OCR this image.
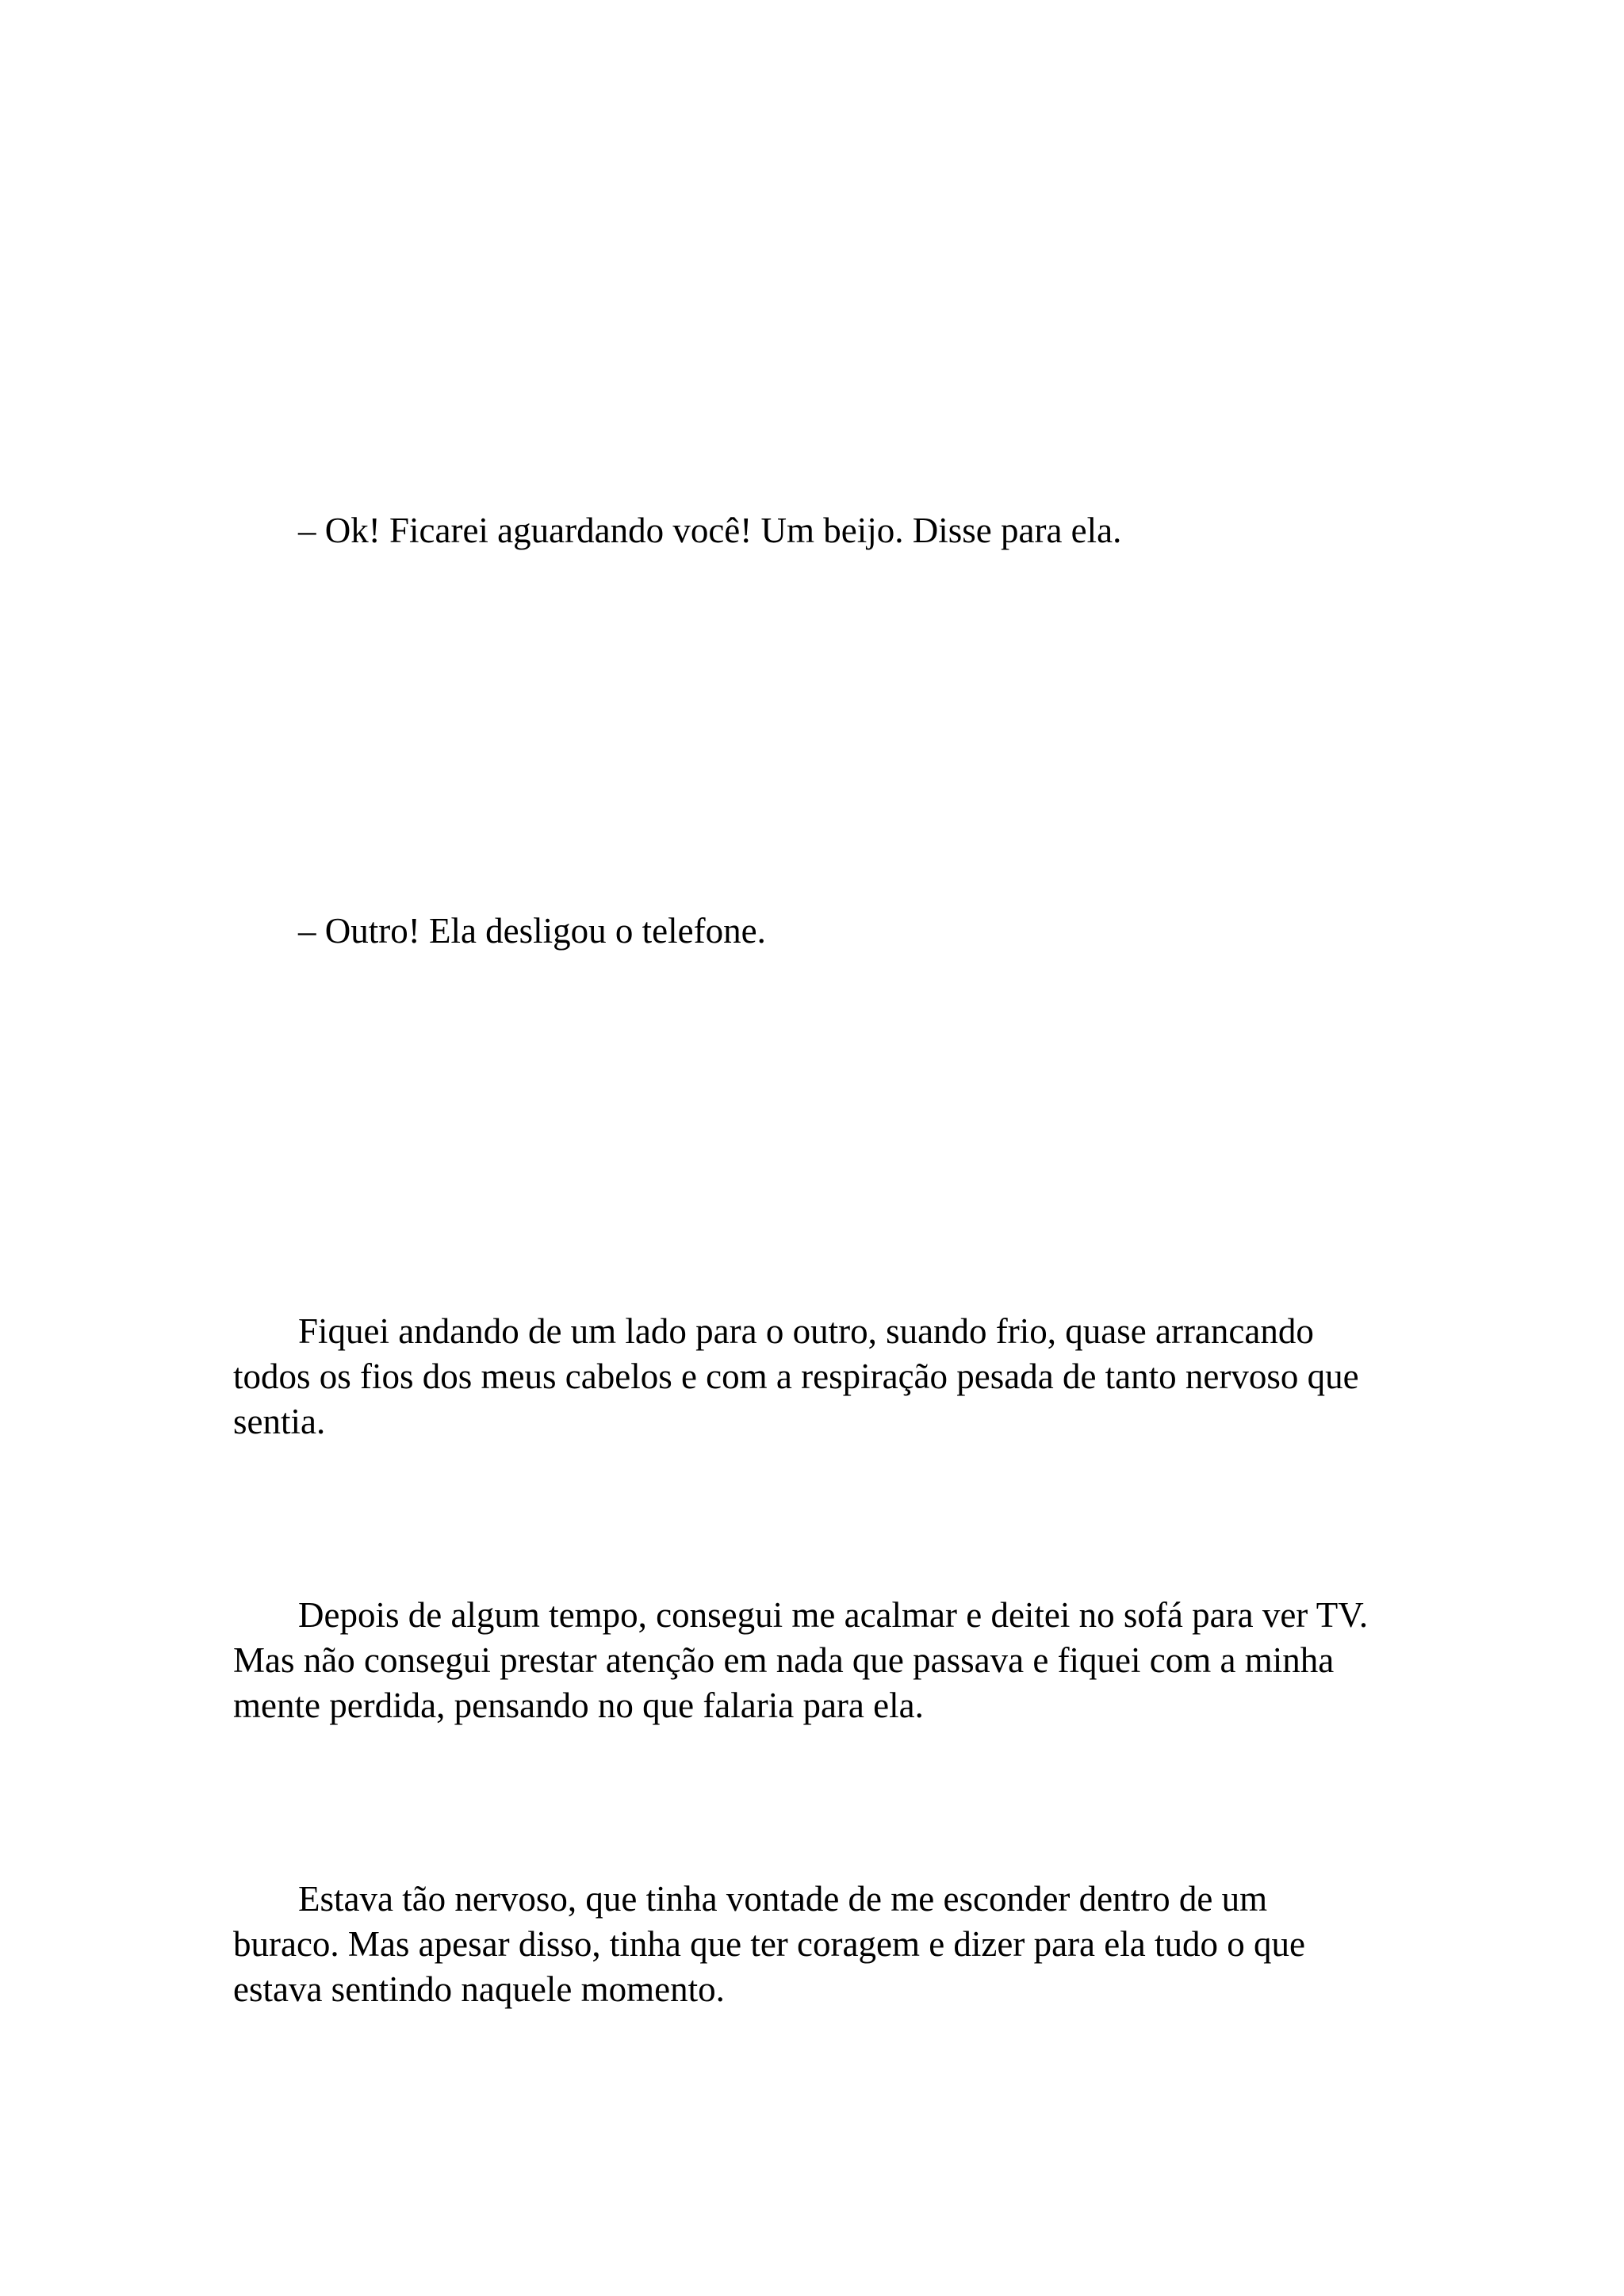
– Ok! Ficarei aguardando você! Um beijo. Disse para ela.

– Outro! Ela desligou o telefone.

Fiquei andando de um lado para o outro, suando frio, quase arrancando todos os fios dos meus cabelos e com a respiração pesada de tanto nervoso que sentia.

Depois de algum tempo, consegui me acalmar e deitei no sofá para ver TV. Mas não consegui prestar atenção em nada que passava e fiquei com a minha mente perdida, pensando no que falaria para ela.

Estava tão nervoso, que tinha vontade de me esconder dentro de um buraco. Mas apesar disso, tinha que ter coragem e dizer para ela tudo o que estava sentindo naquele momento.
